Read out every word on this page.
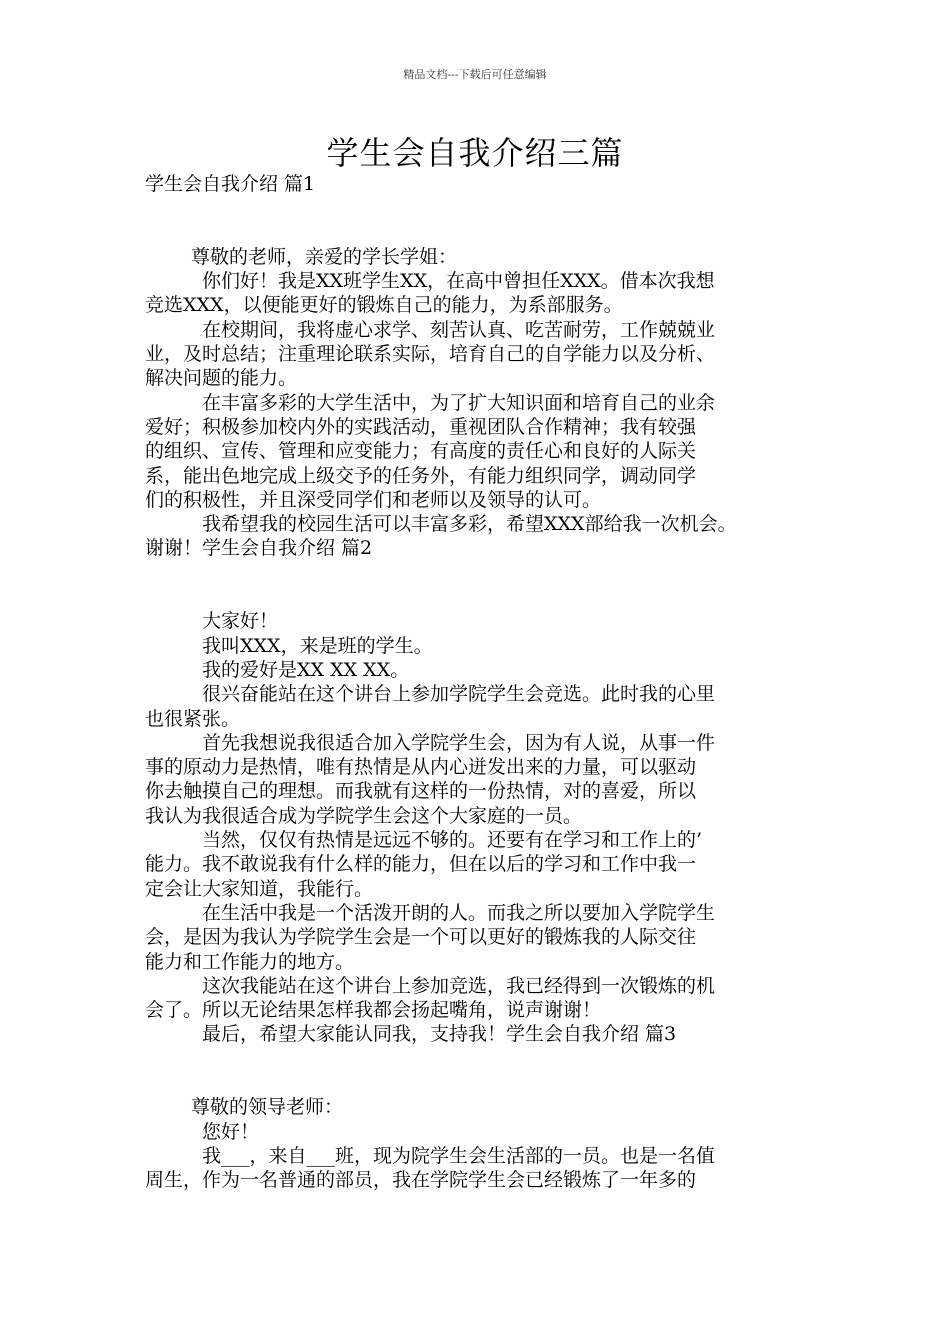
精品文档---下载后可任意编辑
学生会自我介绍三篇
学生会自我介绍 篇1
尊敬的老师，亲爱的学长学姐：
你们好！我是XX班学生XX，在高中曾担任XXX。借本次我想
竞选XXX，以便能更好的锻炼自己的能力，为系部服务。
在校期间，我将虚心求学、刻苦认真、吃苦耐劳，工作兢兢业
业，及时总结；注重理论联系实际，培育自己的自学能力以及分析、
解决问题的能力。
在丰富多彩的大学生活中，为了扩大知识面和培育自己的业余
爱好；积极参加校内外的实践活动，重视团队合作精神；我有较强
的组织、宣传、管理和应变能力；有高度的责任心和良好的人际关
系，能出色地完成上级交予的任务外，有能力组织同学，调动同学
们的积极性，并且深受同学们和老师以及领导的认可。
我希望我的校园生活可以丰富多彩，希望XXX部给我一次机会。
谢谢！学生会自我介绍 篇2
大家好！
我叫XXX，来是班的学生。
我的爱好是XX XX XX。
很兴奋能站在这个讲台上参加学院学生会竞选。此时我的心里
也很紧张。
首先我想说我很适合加入学院学生会，因为有人说，从事一件
事的原动力是热情，唯有热情是从内心迸发出来的力量，可以驱动
你去触摸自己的理想。而我就有这样的一份热情，对的喜爱，所以
我认为我很适合成为学院学生会这个大家庭的一员。
当然，仅仅有热情是远远不够的。还要有在学习和工作上的’
能力。我不敢说我有什么样的能力，但在以后的学习和工作中我一
定会让大家知道，我能行。
在生活中我是一个活泼开朗的人。而我之所以要加入学院学生
会，是因为我认为学院学生会是一个可以更好的锻炼我的人际交往
能力和工作能力的地方。
这次我能站在这个讲台上参加竞选，我已经得到一次锻炼的机
会了。所以无论结果怎样我都会扬起嘴角，说声谢谢！
最后，希望大家能认同我，支持我！学生会自我介绍 篇3
尊敬的领导老师：
您好！
我___，来自___班，现为院学生会生活部的一员。也是一名值
周生，作为一名普通的部员，我在学院学生会已经锻炼了一年多的
